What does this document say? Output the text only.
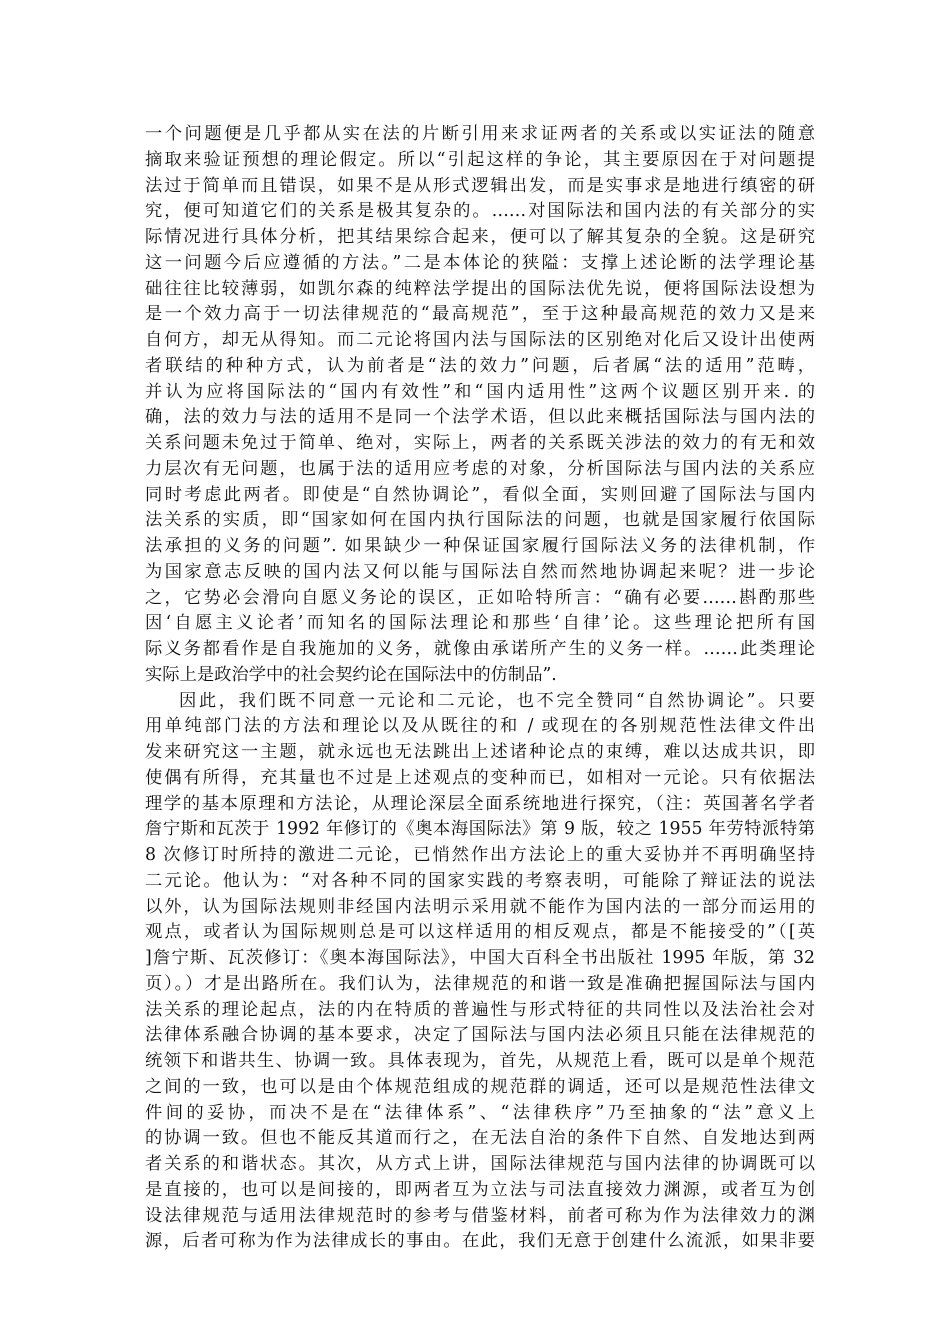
一个问题便是几乎都从实在法的片断引用来求证两者的关系或以实证法的随意
摘取来验证预想的理论假定。所以“引起这样的争论，其主要原因在于对问题提
法过于简单而且错误，如果不是从形式逻辑出发，而是实事求是地进行缜密的研
究，便可知道它们的关系是极其复杂的。……对国际法和国内法的有关部分的实
际情况进行具体分析，把其结果综合起来，便可以了解其复杂的全貌。这是研究
这一问题今后应遵循的方法。”二是本体论的狭隘：支撑上述论断的法学理论基
础往往比较薄弱，如凯尔森的纯粹法学提出的国际法优先说，便将国际法设想为
是一个效力高于一切法律规范的“最高规范”，至于这种最高规范的效力又是来
自何方，却无从得知。而二元论将国内法与国际法的区别绝对化后又设计出使两
者联结的种种方式，认为前者是“法的效力”问题，后者属“法的适用”范畴，
并认为应将国际法的“国内有效性”和“国内适用性”这两个议题区别开来. 的
确，法的效力与法的适用不是同一个法学术语，但以此来概括国际法与国内法的
关系问题未免过于简单、绝对，实际上，两者的关系既关涉法的效力的有无和效
力层次有无问题，也属于法的适用应考虑的对象，分析国际法与国内法的关系应
同时考虑此两者。即使是“自然协调论”，看似全面，实则回避了国际法与国内
法关系的实质，即“国家如何在国内执行国际法的问题，也就是国家履行依国际
法承担的义务的问题”. 如果缺少一种保证国家履行国际法义务的法律机制，作
为国家意志反映的国内法又何以能与国际法自然而然地协调起来呢？进一步论
之，它势必会滑向自愿义务论的误区，正如哈特所言：“确有必要……斟酌那些
因‘自愿主义论者’而知名的国际法理论和那些‘自律’论。这些理论把所有国
际义务都看作是自我施加的义务，就像由承诺所产生的义务一样。……此类理论
实际上是政治学中的社会契约论在国际法中的仿制品”.
因此，我们既不同意一元论和二元论，也不完全赞同“自然协调论”。只要
用单纯部门法的方法和理论以及从既往的和 / 或现在的各别规范性法律文件出
发来研究这一主题，就永远也无法跳出上述诸种论点的束缚，难以达成共识，即
使偶有所得，充其量也不过是上述观点的变种而已，如相对一元论。只有依据法
理学的基本原理和方法论，从理论深层全面系统地进行探究，（注：英国著名学者
詹宁斯和瓦茨于 1992 年修订的《奥本海国际法》第 9 版，较之 1955 年劳特派特第
8 次修订时所持的激进二元论，已悄然作出方法论上的重大妥协并不再明确坚持
二元论。他认为：“对各种不同的国家实践的考察表明，可能除了辩证法的说法
以外，认为国际法规则非经国内法明示采用就不能作为国内法的一部分而运用的
观点，或者认为国际规则总是可以这样适用的相反观点，都是不能接受的”（[英
]詹宁斯、瓦茨修订：《奥本海国际法》，中国大百科全书出版社 1995 年版，第 32
页）。）才是出路所在。我们认为，法律规范的和谐一致是准确把握国际法与国内
法关系的理论起点，法的内在特质的普遍性与形式特征的共同性以及法治社会对
法律体系融合协调的基本要求，决定了国际法与国内法必须且只能在法律规范的
统领下和谐共生、协调一致。具体表现为，首先，从规范上看，既可以是单个规范
之间的一致，也可以是由个体规范组成的规范群的调适，还可以是规范性法律文
件间的妥协，而决不是在“法律体系”、“法律秩序”乃至抽象的“法”意义上
的协调一致。但也不能反其道而行之，在无法自治的条件下自然、自发地达到两
者关系的和谐状态。其次，从方式上讲，国际法律规范与国内法律的协调既可以
是直接的，也可以是间接的，即两者互为立法与司法直接效力渊源，或者互为创
设法律规范与适用法律规范时的参考与借鉴材料，前者可称为作为法律效力的渊
源，后者可称为作为法律成长的事由。在此，我们无意于创建什么流派，如果非要
